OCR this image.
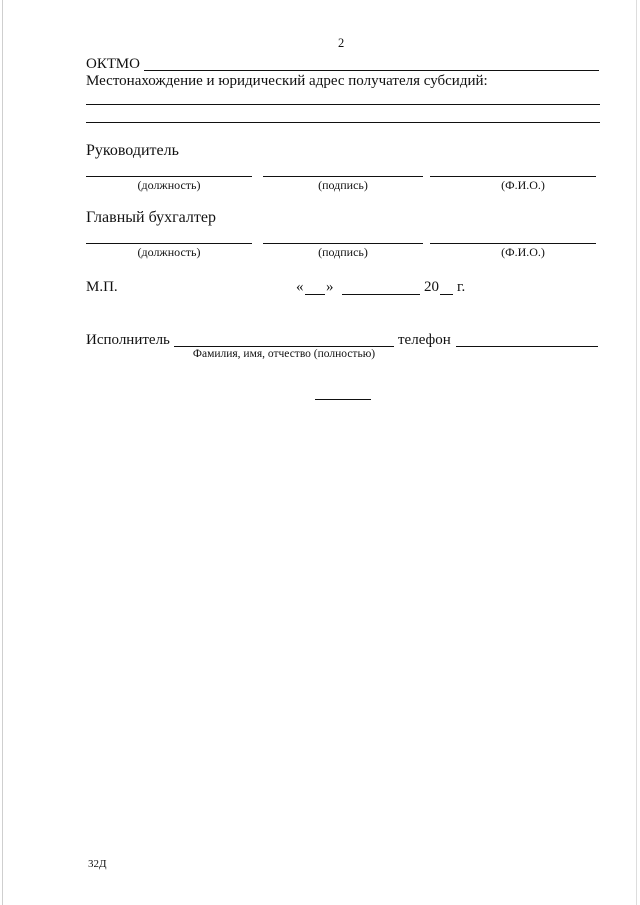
2
ОКТМО
Местонахождение и юридический адрес получателя субсидий:
Руководитель
(должность)	(подпись)	(Ф.И.О.)
Главный бухгалтер
(должность)	(подпись)	(Ф.И.О.)
М.П.	« »	20 г.
Исполнитель
Фамилия, имя, отчество (полностью)
телефон
32Д
